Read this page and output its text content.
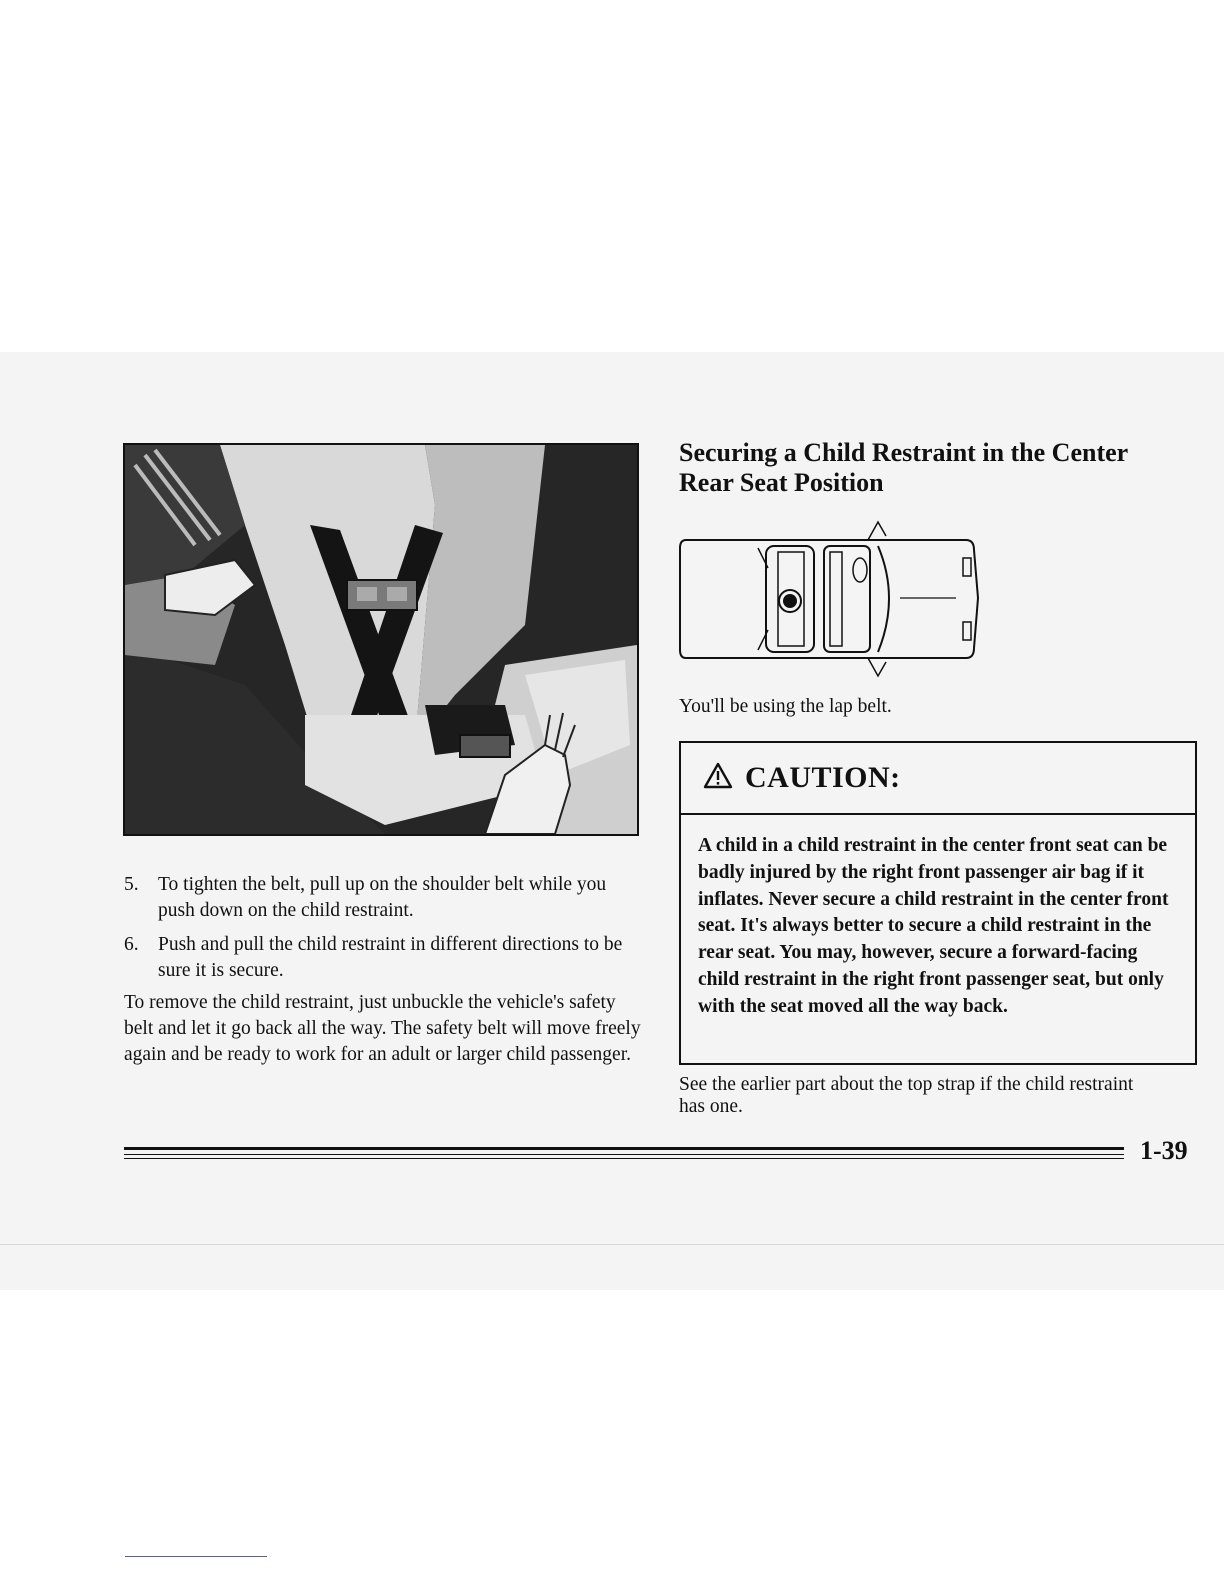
5. To tighten the belt, pull up on the shoulder belt while you push down on the child restraint.
6. Push and pull the child restraint in different directions to be sure it is secure.

To remove the child restraint, just unbuckle the vehicle's safety belt and let it go back all the way. The safety belt will move freely again and be ready to work for an adult or larger child passenger.

Securing a Child Restraint in the Center Rear Seat Position

You'll be using the lap belt.

CAUTION:
A child in a child restraint in the center front seat can be badly injured by the right front passenger air bag if it inflates. Never secure a child restraint in the center front seat. It's always better to secure a child restraint in the rear seat. You may, however, secure a forward-facing child restraint in the right front passenger seat, but only with the seat moved all the way back.

See the earlier part about the top strap if the child restraint has one.

1-39
